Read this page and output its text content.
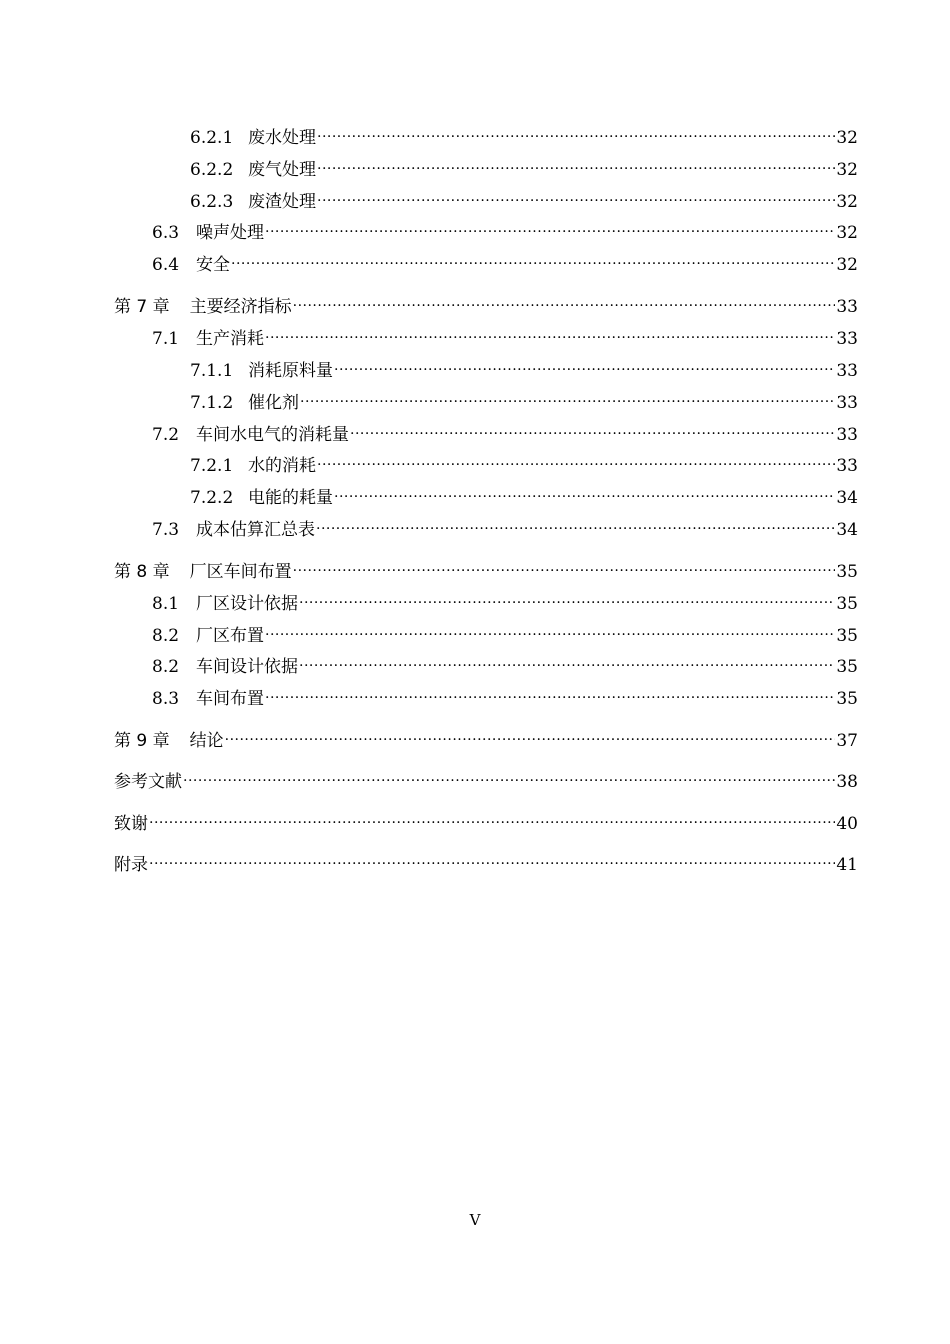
6.2.1 废水处理 .....	32
6.2.2 废气处理 .....	32
6.2.3 废渣处理 .....	32
6.3 噪声处理 .....	32
6.4 安全 .....	32
第 7 章 主要经济指标 .....	33
7.1 生产消耗 .....	33
7.1.1 消耗原料量 .....	33
7.1.2 催化剂 .....	33
7.2 车间水电气的消耗量 .....	33
7.2.1 水的消耗 .....	33
7.2.2 电能的耗量 .....	34
7.3 成本估算汇总表 .....	34
第 8 章 厂区车间布置 .....	35
8.1 厂区设计依据 .....	35
8.2 厂区布置 .....	35
8.2 车间设计依据 .....	35
8.3 车间布置 .....	35
第 9 章 结论 .....	37
参考文献 .....	38
致谢 .....	40
附录 .....	41
V
